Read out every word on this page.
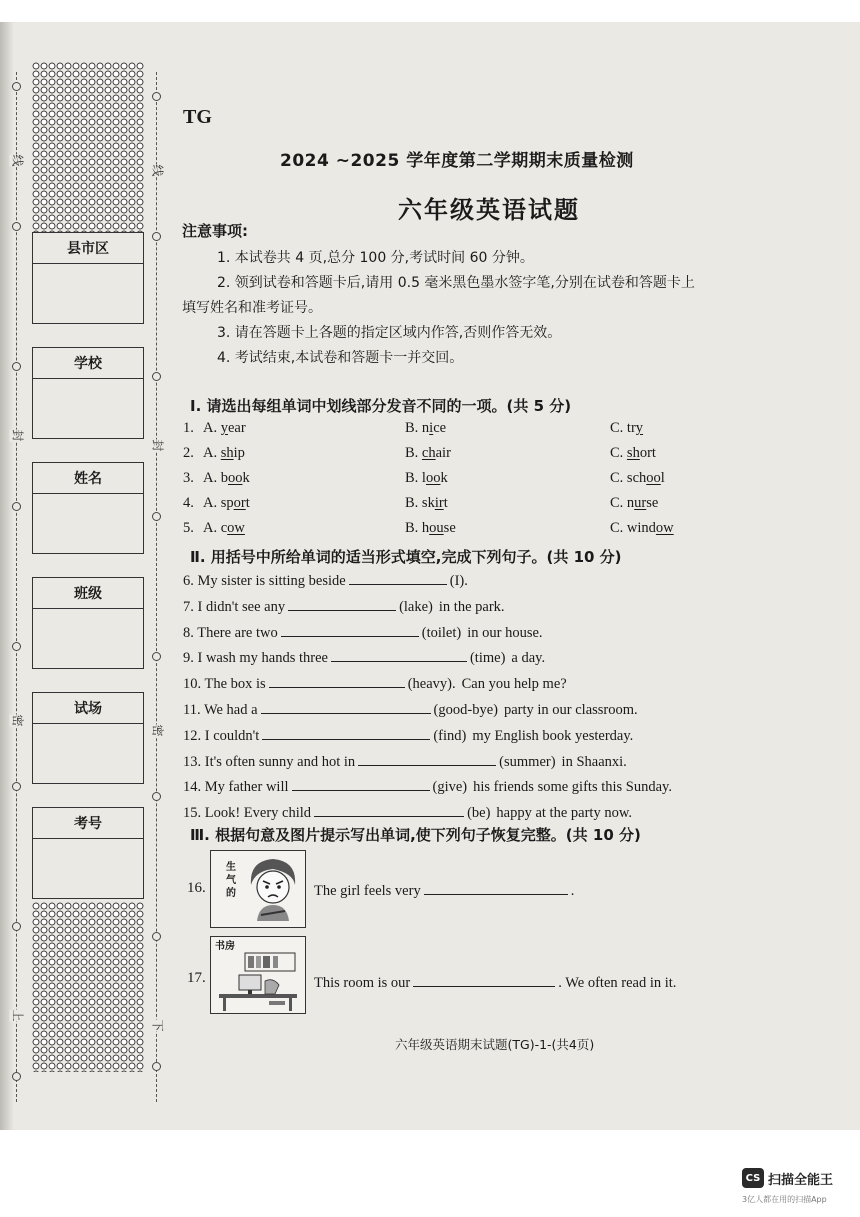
线
封
密
上
线
封
密
下
县市区
学校
姓名
班级
试场
考号
TG
2024 ~2025 学年度第二学期期末质量检测
六年级英语试题
注意事项:
1. 本试卷共 4 页,总分 100 分,考试时间 60 分钟。
2. 领到试卷和答题卡后,请用 0.5 毫米黑色墨水签字笔,分别在试卷和答题卡上
填写姓名和准考证号。
3. 请在答题卡上各题的指定区域内作答,否则作答无效。
4. 考试结束,本试卷和答题卡一并交回。
Ⅰ. 请选出每组单词中划线部分发音不同的一项。(共 5 分)
1. A. year	B. nice	C. try
2. A. ship	B. chair	C. short
3. A. book	B. look	C. school
4. A. sport	B. skirt	C. nurse
5. A. cow	B. house	C. window
Ⅱ. 用括号中所给单词的适当形式填空,完成下列句子。(共 10 分)
6. My sister is sitting beside	(I).
7. I didn't see any	(lake) in the park.
8. There are two	(toilet) in our house.
9. I wash my hands three	(time) a day.
10. The box is	(heavy). Can you help me?
11. We had a	(good-bye) party in our classroom.
12. I couldn't	(find) my English book yesterday.
13. It's often sunny and hot in	(summer) in Shaanxi.
14. My father will	(give) his friends some gifts this Sunday.
15. Look! Every child	(be) happy at the party now.
Ⅲ. 根据句意及图片提示写出单词,使下列句子恢复完整。(共 10 分)
16.
生气的	The girl feels very	.
17.
书房
This room is our	. We often read in it.
六年级英语期末试题(TG)-1-(共4页)
CS 扫描全能王
3亿人都在用的扫描App
